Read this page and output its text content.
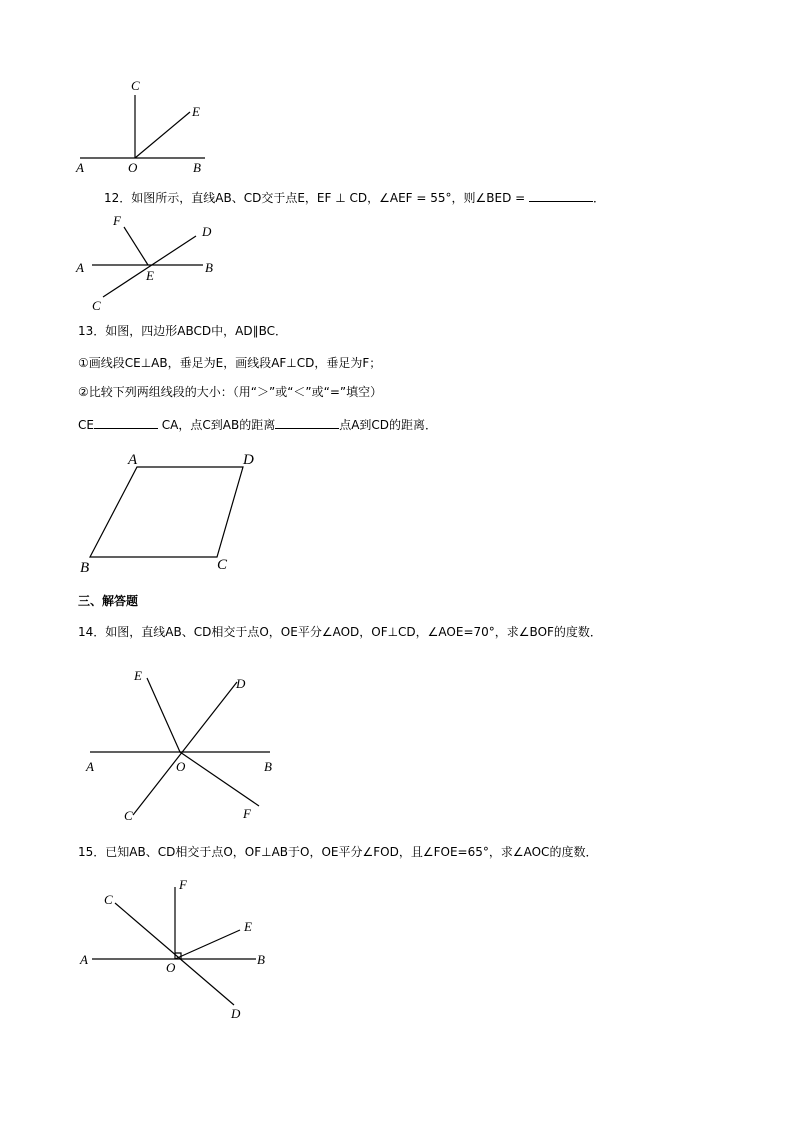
C
E
A	O	B
12．如图所示，直线AB、CD交于点E，EF ⊥ CD，∠AEF = 55°，则∠BED =	．
F
D
A
E
B
C
13．如图，四边形ABCD中，AD∥BC．
①画线段CE⊥AB，垂足为E，画线段AF⊥CD，垂足为F；
②比较下列两组线段的大小：（用“＞”或“＜”或“=”填空）
CE	CA，点C到AB的距离	点A到CD的距离．
A	D
B	C
三、解答题
14．如图，直线AB、CD相交于点O，OE平分∠AOD，OF⊥CD，∠AOE=70°，求∠BOF的度数．
E
D
A	O	B
C	F
15．已知AB、CD相交于点O，OF⊥AB于O，OE平分∠FOD，且∠FOE=65°，求∠AOC的度数．
C
F
E
A
O
B
D
